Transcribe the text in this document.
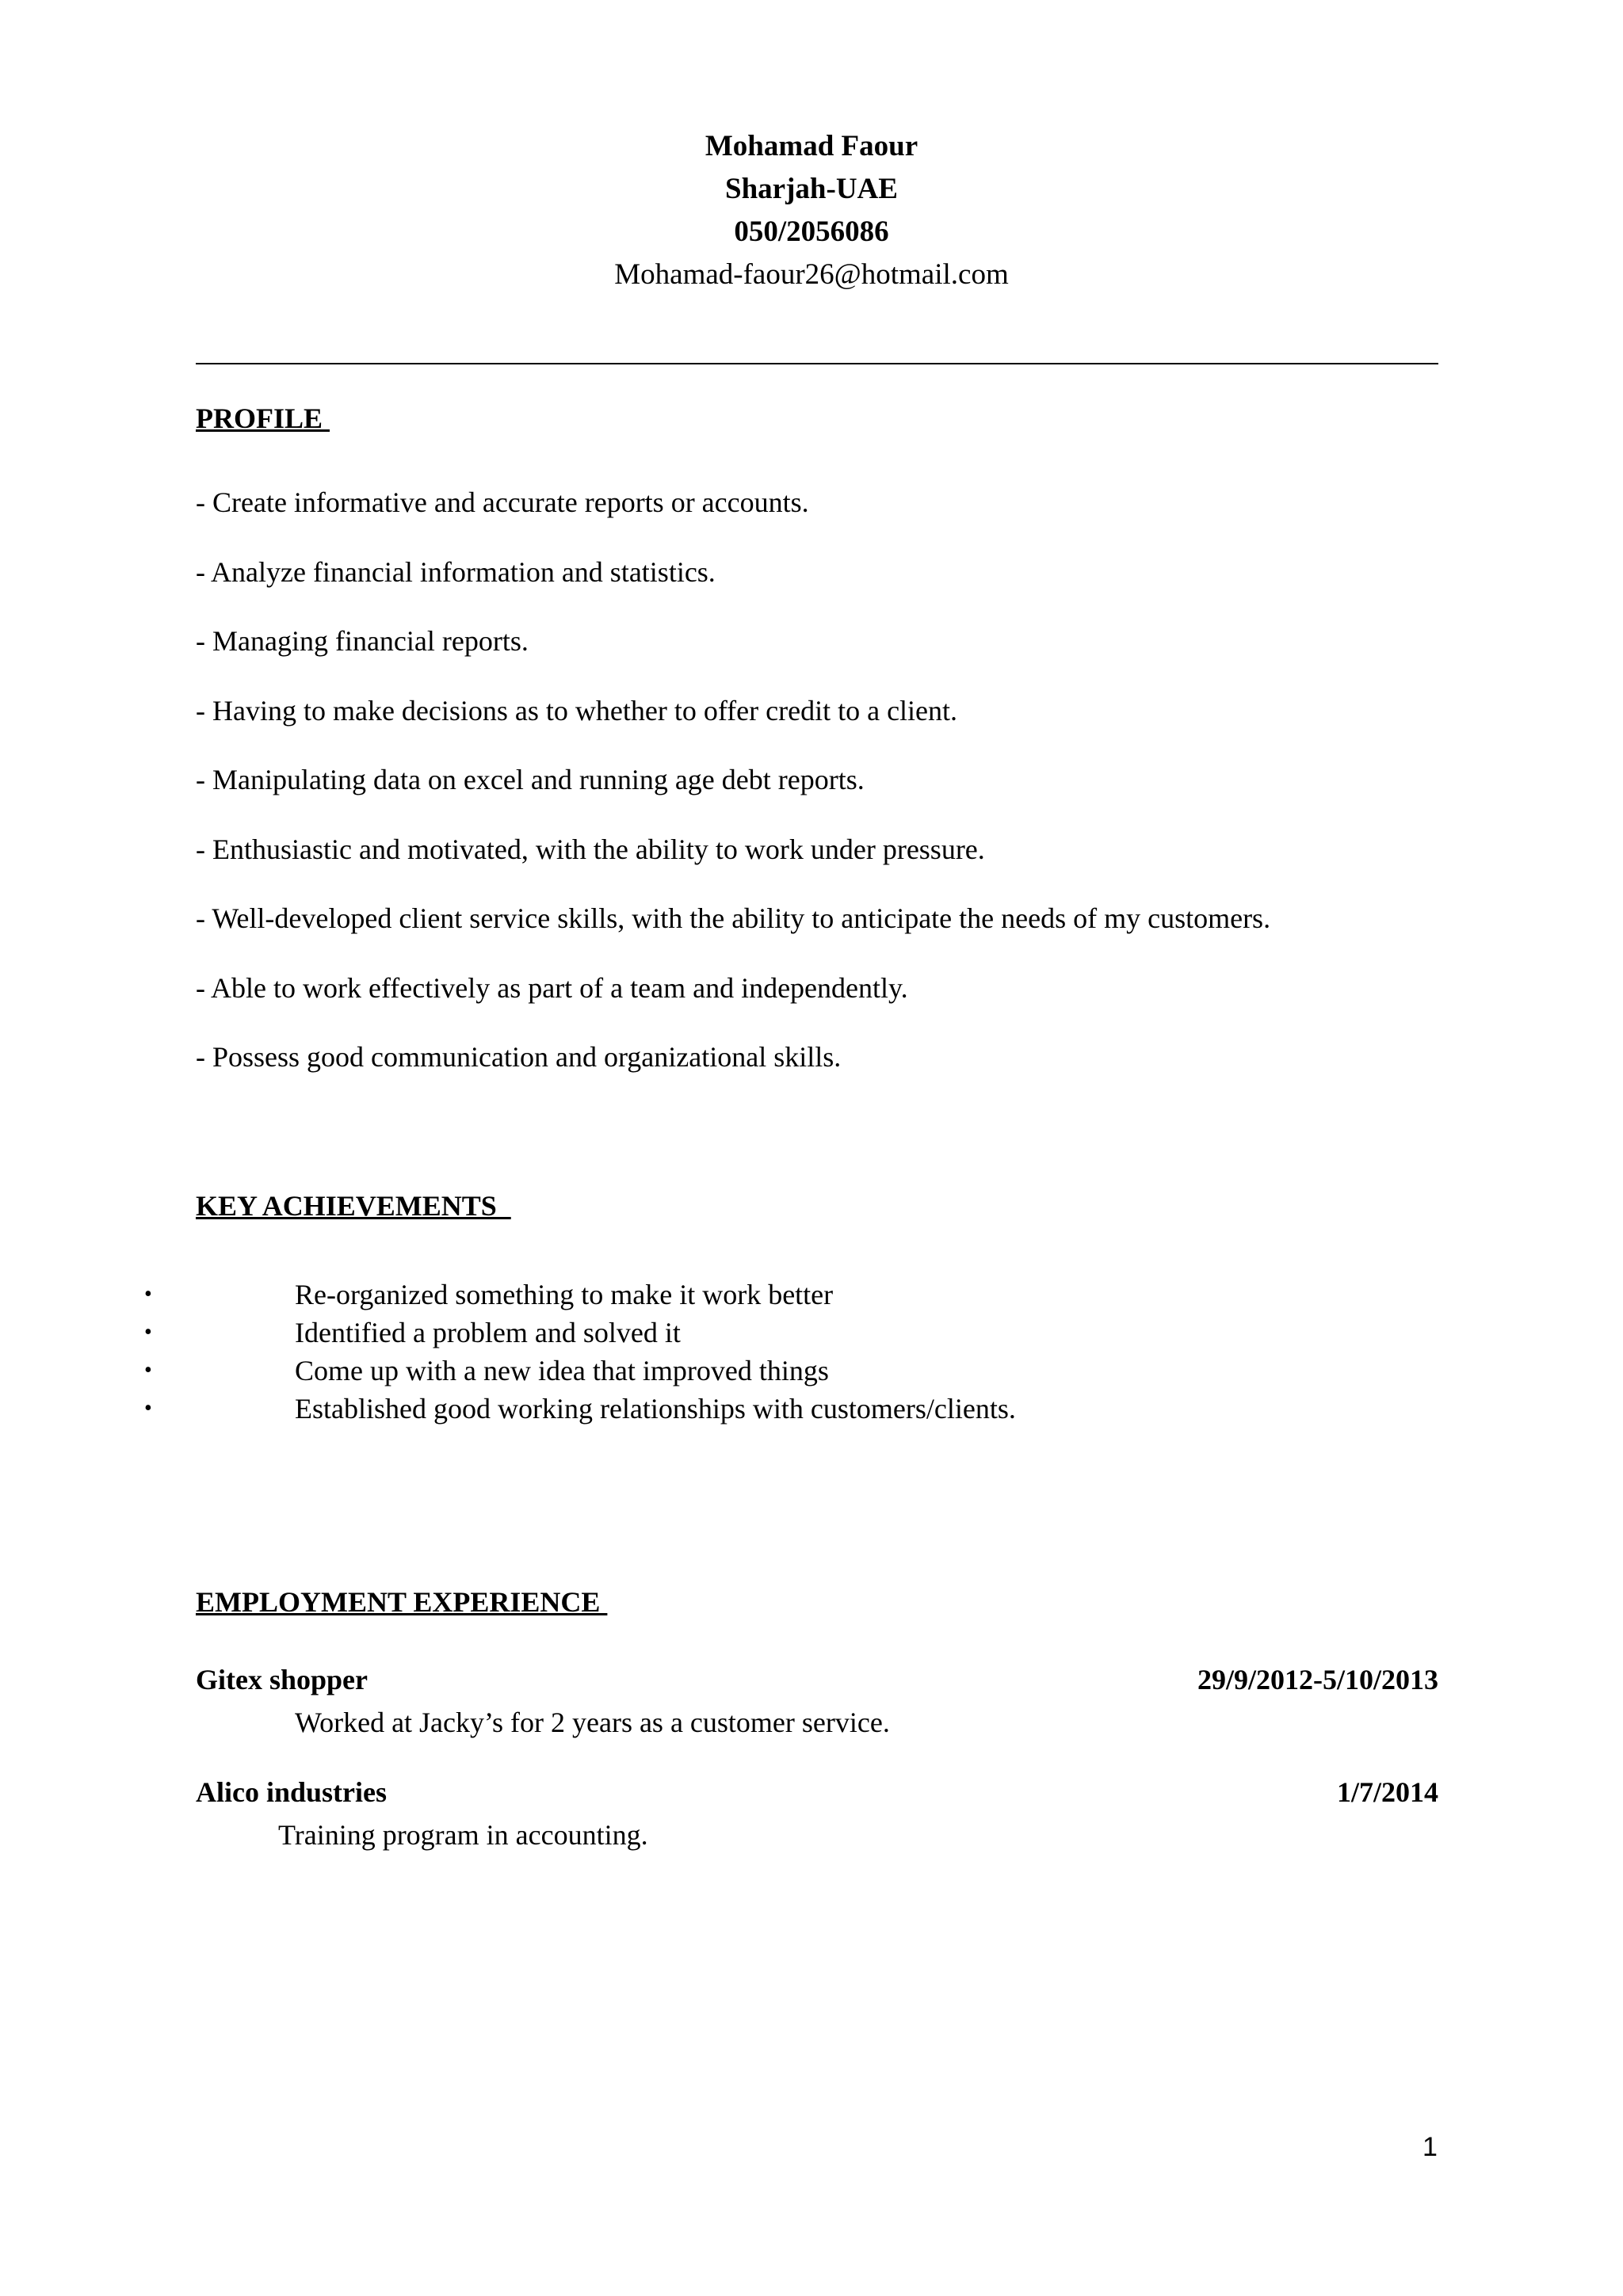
Mohamad Faour
Sharjah-UAE
050/2056086
Mohamad-faour26@hotmail.com
PROFILE
- Create informative and accurate reports or accounts.
- Analyze financial information and statistics.
- Managing financial reports.
- Having to make decisions as to whether to offer credit to a client.
- Manipulating data on excel and running age debt reports.
- Enthusiastic and motivated, with the ability to work under pressure.
- Well-developed client service skills, with the ability to anticipate the needs of my customers.
- Able to work effectively as part of a team and independently.
- Possess good communication and organizational skills.
KEY ACHIEVEMENTS
•	Re-organized something to make it work better
•	Identified a problem and solved it
•	Come up with a new idea that improved things
•	Established good working relationships with customers/clients.
EMPLOYMENT EXPERIENCE
Gitex shopper	29/9/2012-5/10/2013
Worked at Jacky’s for 2 years as a customer service.
Alico industries	1/7/2014
Training program in accounting.
1
